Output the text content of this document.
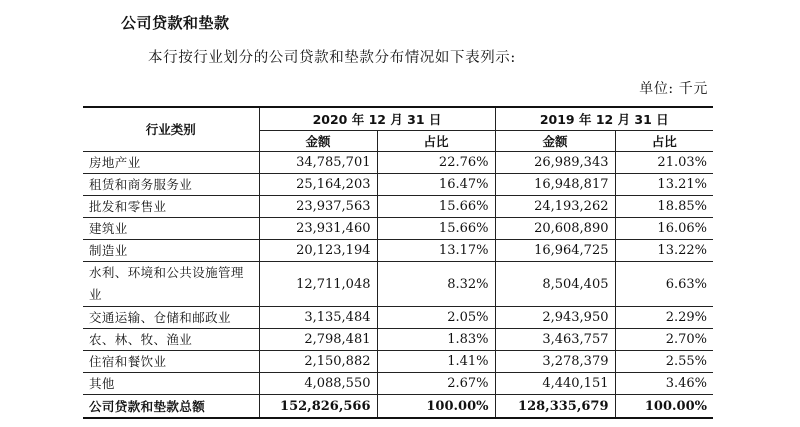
公司贷款和垫款
本行按行业划分的公司贷款和垫款分布情况如下表列示:
单位: 千元
行业类别	2020 年 12 月 31 日		2019 年 12 月 31 日	
	金额	占比	金额	占比
房地产业	34,785,701	22.76%	26,989,343	21.03%
租赁和商务服务业	25,164,203	16.47%	16,948,817	13.21%
批发和零售业	23,937,563	15.66%	24,193,262	18.85%
建筑业	23,931,460	15.66%	20,608,890	16.06%
制造业	20,123,194	13.17%	16,964,725	13.22%
水利、环境和公共设施管理业	12,711,048	8.32%	8,504,405	6.63%
交通运输、仓储和邮政业	3,135,484	2.05%	2,943,950	2.29%
农、林、牧、渔业	2,798,481	1.83%	3,463,757	2.70%
住宿和餐饮业	2,150,882	1.41%	3,278,379	2.55%
其他	4,088,550	2.67%	4,440,151	3.46%
公司贷款和垫款总额	152,826,566	100.00%	128,335,679	100.00%
